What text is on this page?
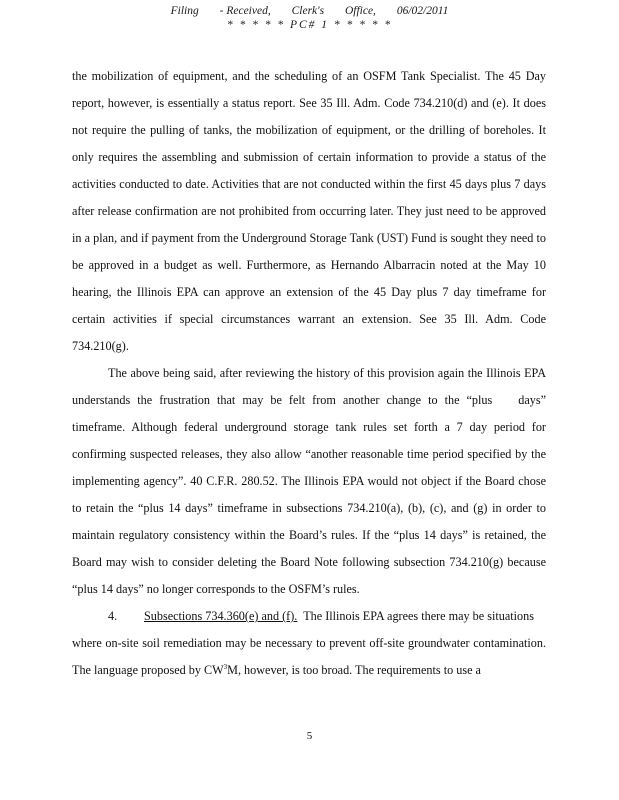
Filing - Received, Clerk's Office, 06/02/2011
* * * * * PC# 1 * * * * *

the mobilization of equipment, and the scheduling of an OSFM Tank Specialist. The 45 Day report, however, is essentially a status report. See 35 Ill. Adm. Code 734.210(d) and (e). It does not require the pulling of tanks, the mobilization of equipment, or the drilling of boreholes. It only requires the assembling and submission of certain information to provide a status of the activities conducted to date. Activities that are not conducted within the first 45 days plus 7 days after release confirmation are not prohibited from occurring later. They just need to be approved in a plan, and if payment from the Underground Storage Tank (UST) Fund is sought they need to be approved in a budget as well. Furthermore, as Hernando Albarracin noted at the May 10 hearing, the Illinois EPA can approve an extension of the 45 Day plus 7 day timeframe for certain activities if special circumstances warrant an extension. See 35 Ill. Adm. Code 734.210(g).

The above being said, after reviewing the history of this provision again the Illinois EPA understands the frustration that may be felt from another change to the “plus days” timeframe. Although federal underground storage tank rules set forth a 7 day period for confirming suspected releases, they also allow “another reasonable time period specified by the implementing agency”. 40 C.F.R. 280.52. The Illinois EPA would not object if the Board chose to retain the “plus 14 days” timeframe in subsections 734.210(a), (b), (c), and (g) in order to maintain regulatory consistency within the Board’s rules. If the “plus 14 days” is retained, the Board may wish to consider deleting the Board Note following subsection 734.210(g) because “plus 14 days” no longer corresponds to the OSFM’s rules.

4.	Subsections 734.360(e) and (f). The Illinois EPA agrees there may be situations

where on-site soil remediation may be necessary to prevent off-site groundwater contamination. The language proposed by $CW^3M$, however, is too broad. The requirements to use a

5
